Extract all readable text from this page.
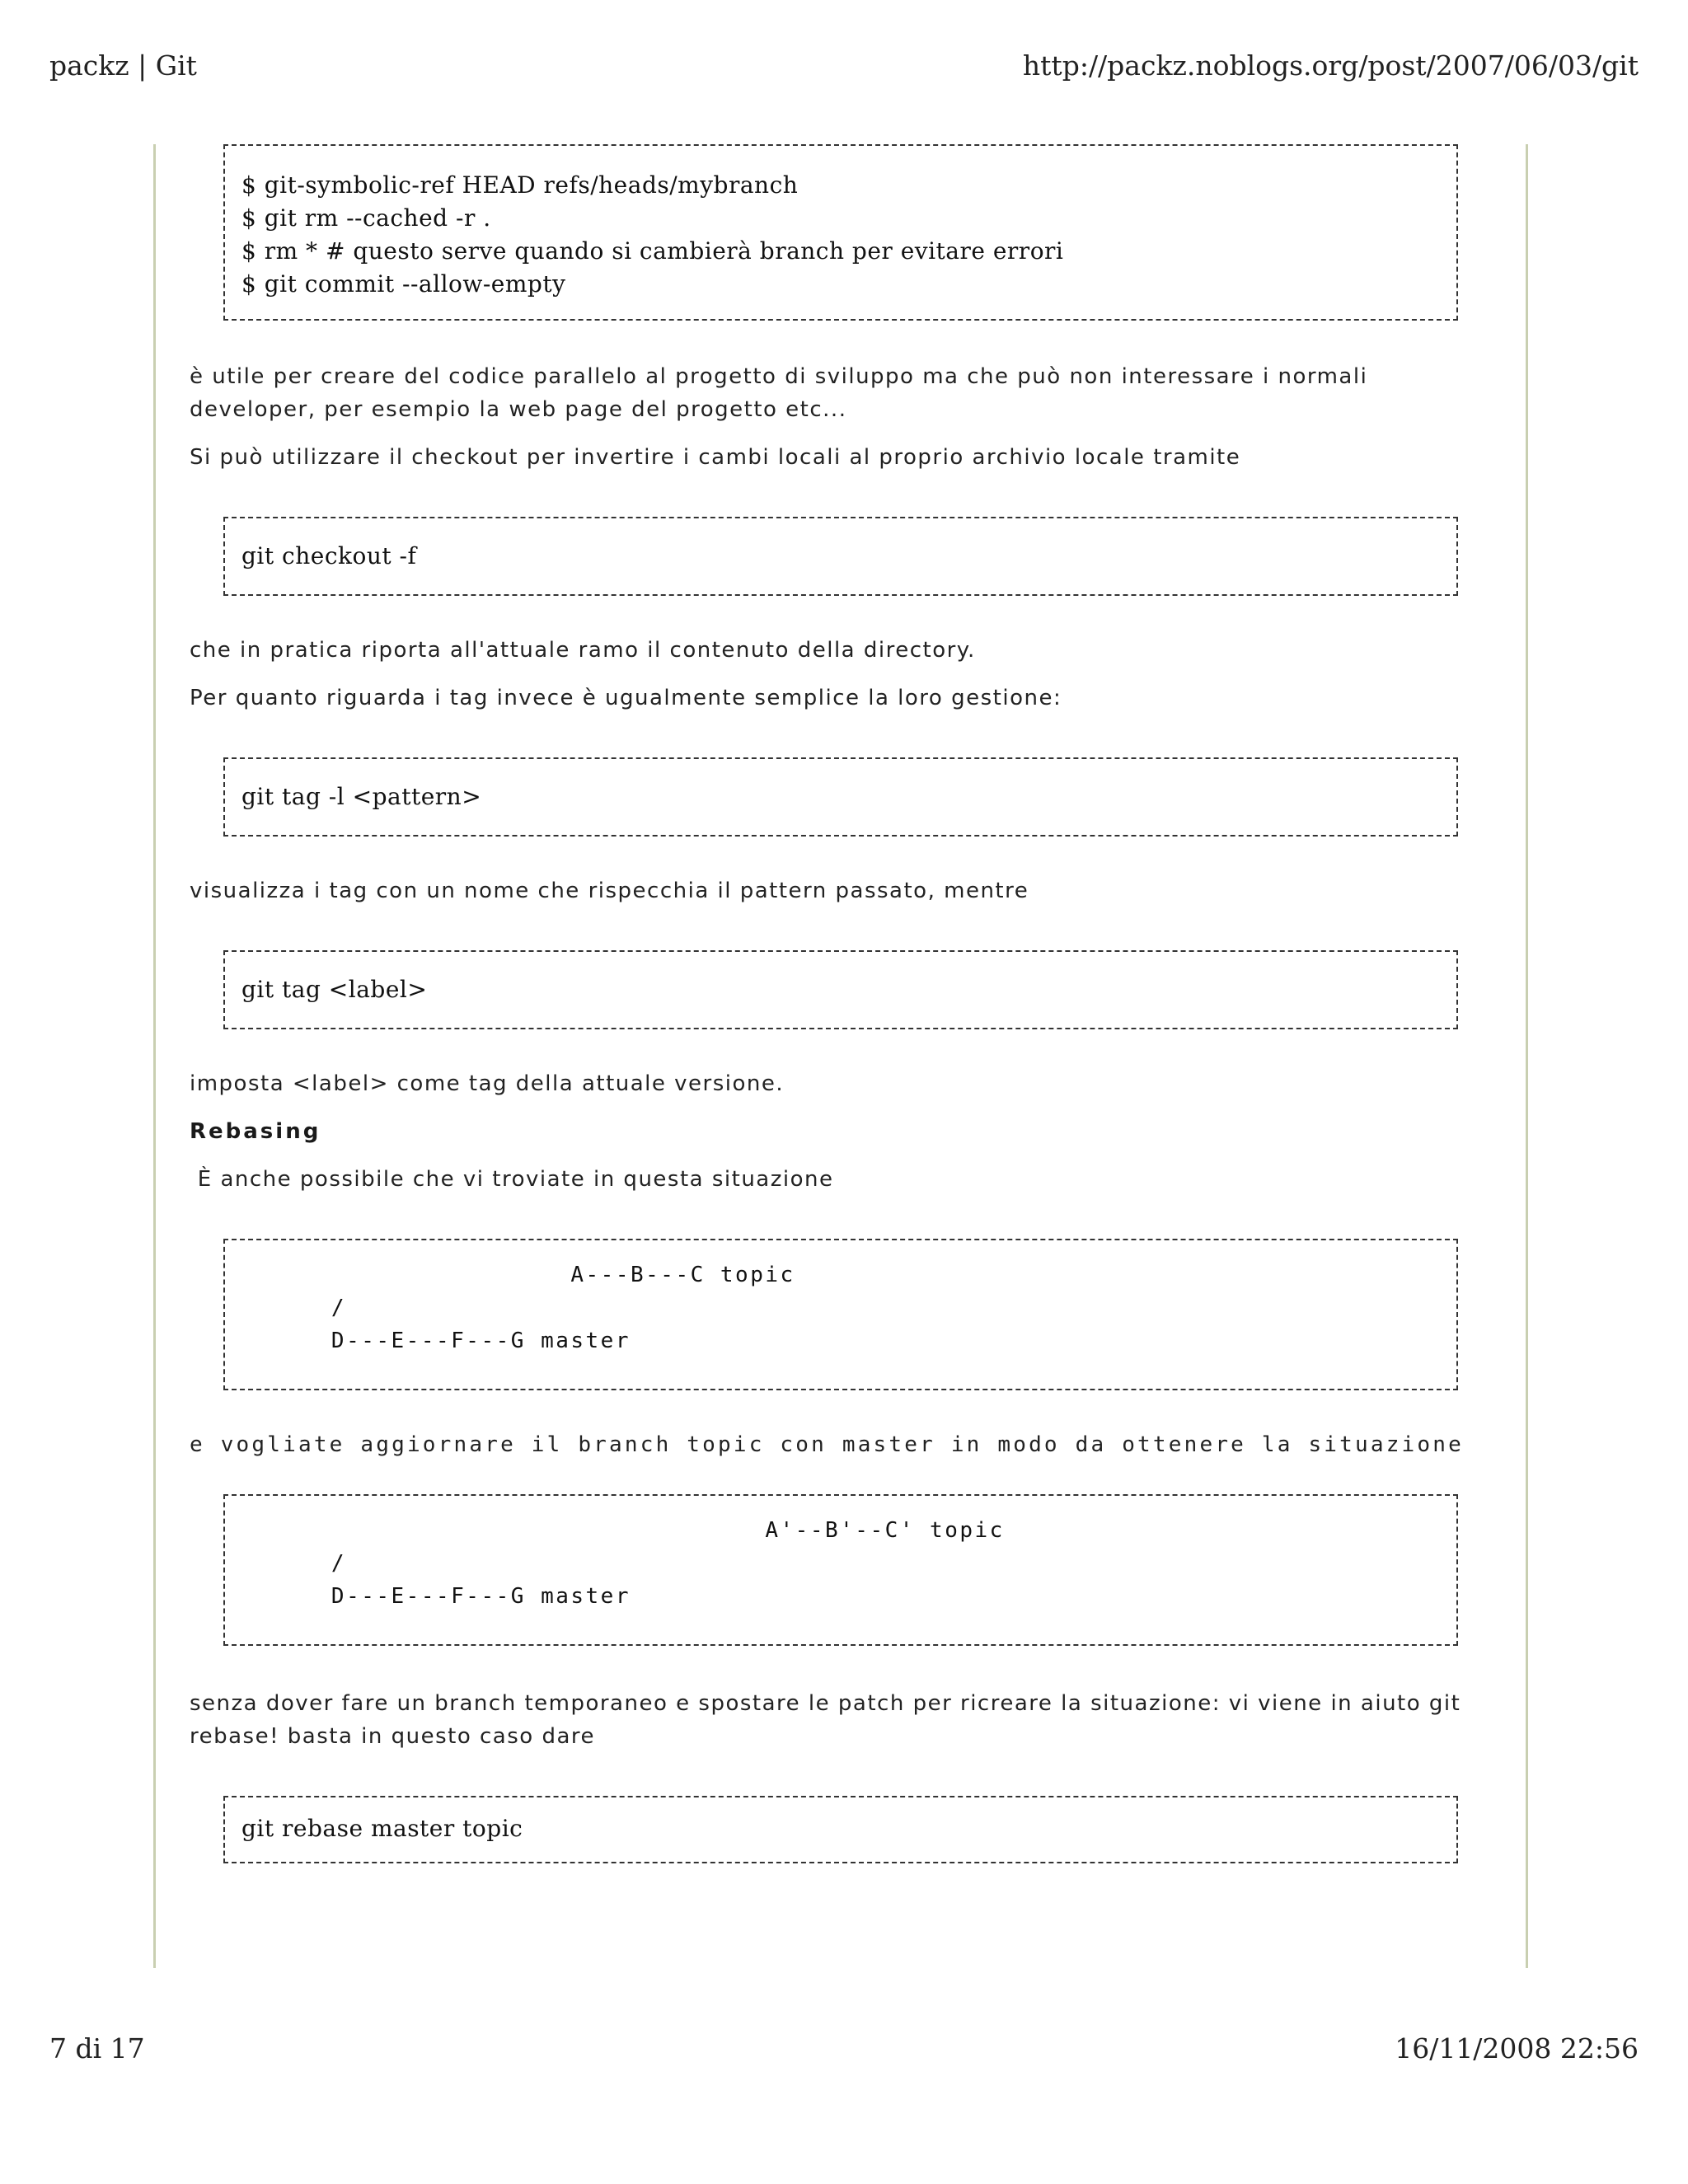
packz | Git	http://packz.noblogs.org/post/2007/06/03/git
$ git-symbolic-ref HEAD refs/heads/mybranch
$ git rm --cached -r .
$ rm * # questo serve quando si cambierà branch per evitare errori
$ git commit --allow-empty

è utile per creare del codice parallelo al progetto di sviluppo ma che può non interessare i normali developer, per esempio la web page del progetto etc...

Si può utilizzare il checkout per invertire i cambi locali al proprio archivio locale tramite

git checkout -f

che in pratica riporta all'attuale ramo il contenuto della directory.

Per quanto riguarda i tag invece è ugualmente semplice la loro gestione:

git tag -l <pattern>

visualizza i tag con un nome che rispecchia il pattern passato, mentre

git tag <label>

imposta <label> come tag della attuale versione.

Rebasing

È anche possibile che vi troviate in questa situazione

A---B---C topic
/
D---E---F---G master

e vogliate aggiornare il branch topic con master in modo da ottenere la situazione

A'--B'--C' topic
/
D---E---F---G master

senza dover fare un branch temporaneo e spostare le patch per ricreare la situazione: vi viene in aiuto git rebase! basta in questo caso dare

git rebase master topic
7 di 17	16/11/2008 22:56
